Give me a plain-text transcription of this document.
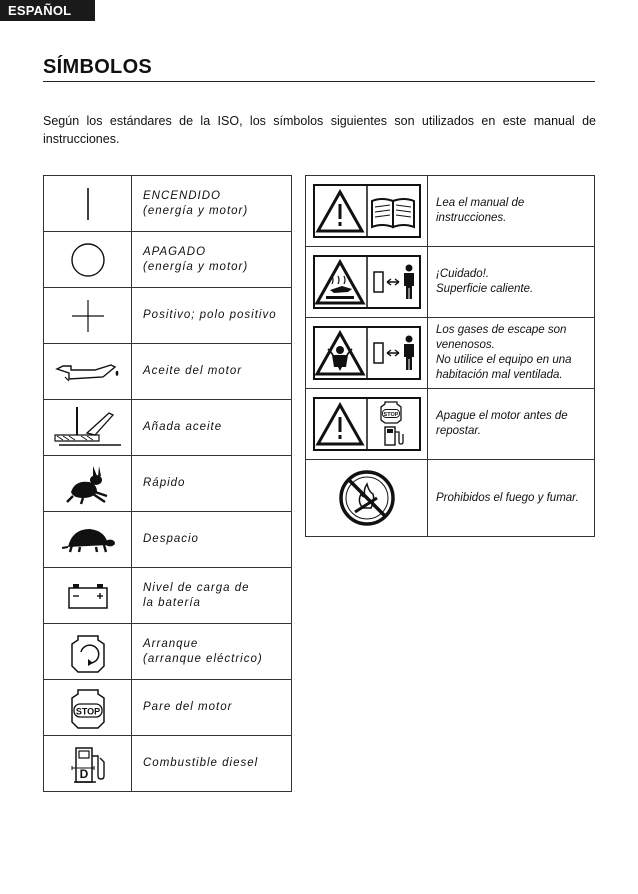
ESPAÑOL
SÍMBOLOS
Según los estándares de la ISO, los símbolos siguientes son utilizados en este manual de instrucciones.

ENCENDIDO
(energía y motor)

APAGADO
(energía y motor)

Positivo; polo positivo

Aceite del motor

Añada aceite

Rápido

Despacio

Nivel de carga de
la batería

Arranque
(arranque eléctrico)

STOP	Pare del motor

D	Combustible diesel

Lea el manual de
instrucciones.

¡Cuidado!.
Superficie caliente.

Los gases de escape son
venenosos.
No utilice el equipo en una
habitación mal ventilada.

STOP	Apague el motor antes de
repostar.

Prohibidos el fuego y fumar.
